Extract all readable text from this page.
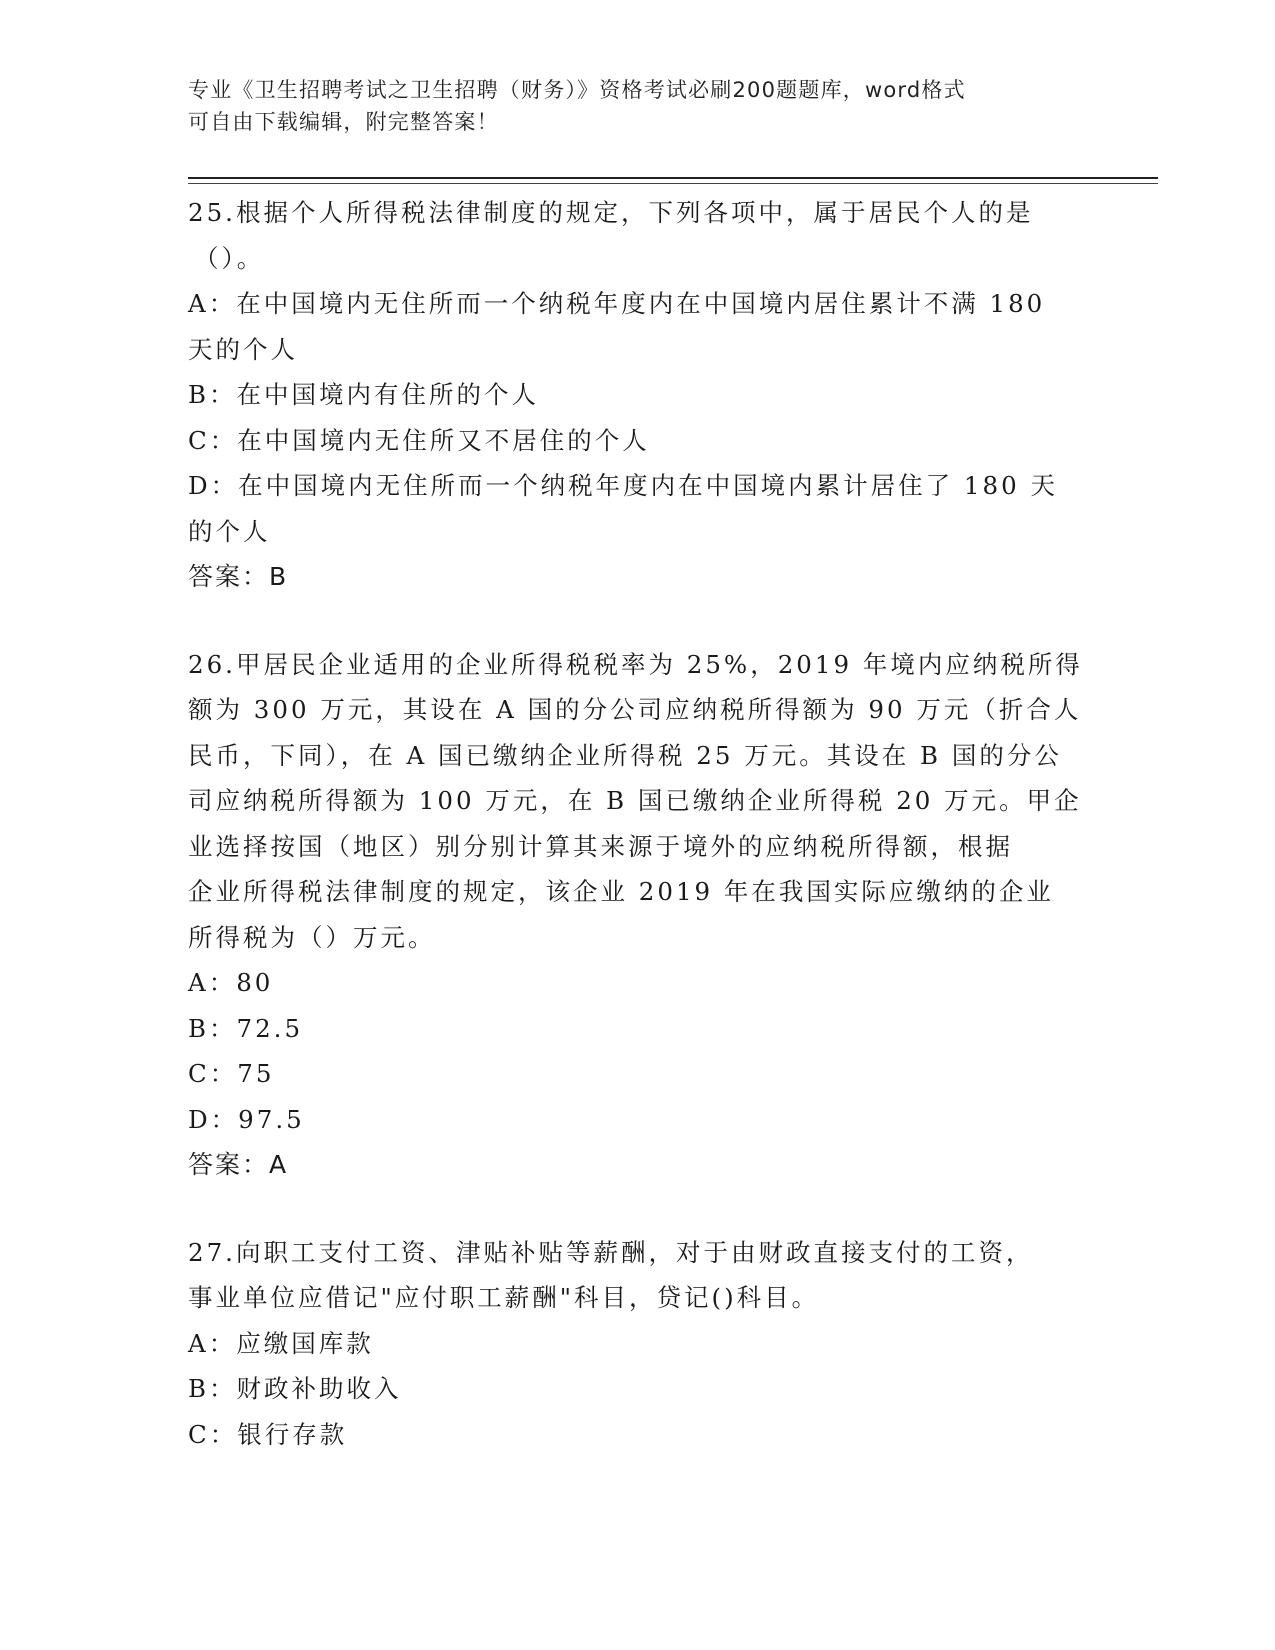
专业《卫生招聘考试之卫生招聘（财务）》资格考试必刷200题题库，word格式
可自由下载编辑，附完整答案！
25.根据个人所得税法律制度的规定，下列各项中，属于居民个人的是
（）。
A：在中国境内无住所而一个纳税年度内在中国境内居住累计不满 180
天的个人
B：在中国境内有住所的个人
C：在中国境内无住所又不居住的个人
D：在中国境内无住所而一个纳税年度内在中国境内累计居住了 180 天
的个人
答案：B
26.甲居民企业适用的企业所得税税率为 25%，2019 年境内应纳税所得
额为 300 万元，其设在 A 国的分公司应纳税所得额为 90 万元（折合人
民币，下同），在 A 国已缴纳企业所得税 25 万元。其设在 B 国的分公
司应纳税所得额为 100 万元，在 B 国已缴纳企业所得税 20 万元。甲企
业选择按国（地区）别分别计算其来源于境外的应纳税所得额，根据
企业所得税法律制度的规定，该企业 2019 年在我国实际应缴纳的企业
所得税为（）万元。
A：80
B：72.5
C：75
D：97.5
答案：A
27.向职工支付工资、津贴补贴等薪酬，对于由财政直接支付的工资，
事业单位应借记"应付职工薪酬"科目，贷记()科目。
A：应缴国库款
B：财政补助收入
C：银行存款
